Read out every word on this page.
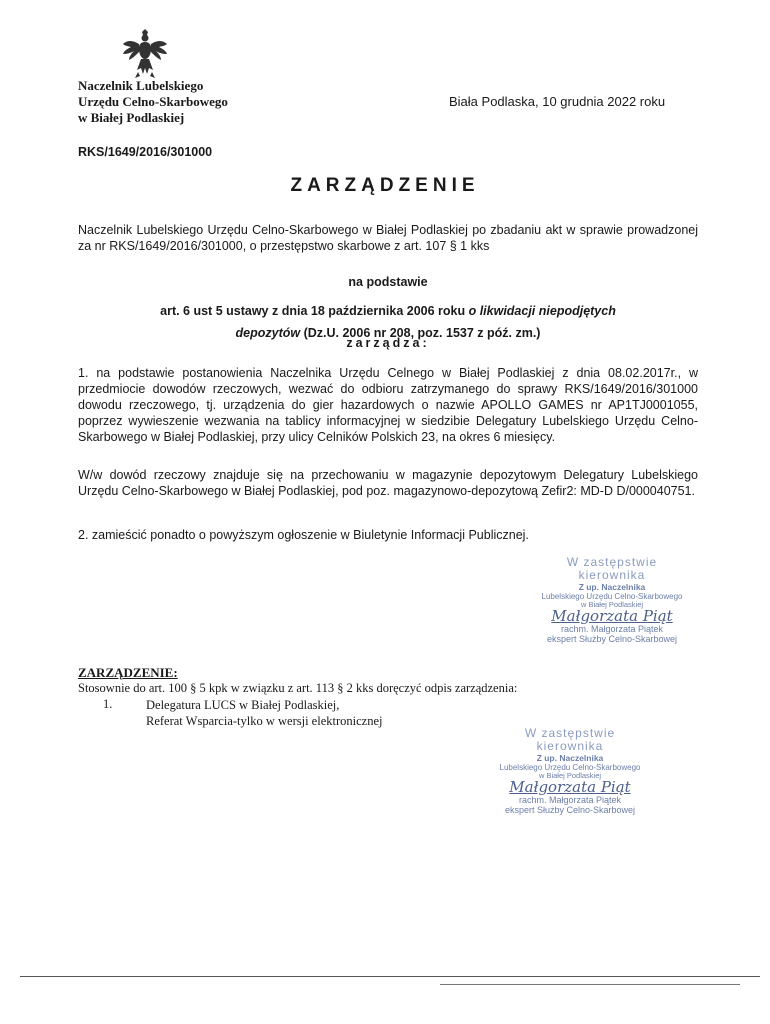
Naczelnik Lubelskiego
Urzędu Celno-Skarbowego
w Białej Podlaskiej
Biała Podlaska, 10 grudnia 2022 roku
RKS/1649/2016/301000
ZARZĄDZENIE
Naczelnik Lubelskiego Urzędu Celno-Skarbowego w Białej Podlaskiej po zbadaniu akt w sprawie prowadzonej za nr RKS/1649/2016/301000, o przestępstwo skarbowe z art. 107 § 1 kks
na podstawie
art. 6 ust 5 ustawy z dnia 18 października 2006 roku o likwidacji niepodjętych
depozytów (Dz.U. 2006 nr 208, poz. 1537 z póź. zm.)
zarządza:
1. na podstawie postanowienia Naczelnika Urzędu Celnego w Białej Podlaskiej z dnia 08.02.2017r., w przedmiocie dowodów rzeczowych, wezwać do odbioru zatrzymanego do sprawy RKS/1649/2016/301000 dowodu rzeczowego, tj. urządzenia do gier hazardowych o nazwie APOLLO GAMES nr AP1TJ0001055, poprzez wywieszenie wezwania na tablicy informacyjnej w siedzibie Delegatury Lubelskiego Urzędu Celno-Skarbowego w Białej Podlaskiej, przy ulicy Celników Polskich 23, na okres 6 miesięcy.
W/w dowód rzeczowy znajduje się na przechowaniu w magazynie depozytowym Delegatury Lubelskiego Urzędu Celno-Skarbowego w Białej Podlaskiej, pod poz. magazynowo-depozytową Zefir2: MD-D D/000040751.
2. zamieścić ponadto o powyższym ogłoszenie w Biuletynie Informacji Publicznej.
W zastępstwie
kierownika
Z up. Naczelnika
Lubelskiego Urzędu Celno-Skarbowego
w Białej Podlaskiej
Małgorzata Piąt
rachm. Małgorzata Piątek
ekspert Służby Celno-Skarbowej
ZARZĄDZENIE:
Stosownie do art. 100 § 5 kpk w związku z art. 113 § 2 kks doręczyć odpis zarządzenia:
1.	Delegatura LUCS w Białej Podlaskiej,
Referat Wsparcia-tylko w wersji elektronicznej
W zastępstwie
kierownika
Z up. Naczelnika
Lubelskiego Urzędu Celno-Skarbowego
w Białej Podlaskiej
Małgorzata Piąt
rachm. Małgorzata Piątek
ekspert Służby Celno-Skarbowej
